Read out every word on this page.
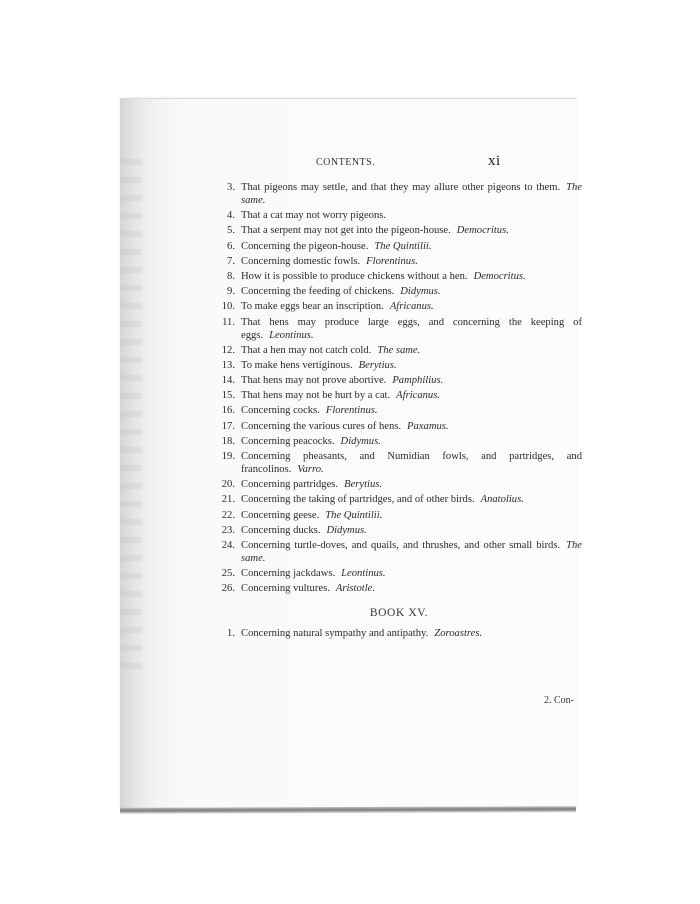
CONTENTS.	xi
3. That pigeons may settle, and that they may allure other pigeons to them. The same.
4. That a cat may not worry pigeons.
5. That a serpent may not get into the pigeon-house. Democritus.
6. Concerning the pigeon-house. The Quintilii.
7. Concerning domestic fowls. Florentinus.
8. How it is possible to produce chickens without a hen. Democritus.
9. Concerning the feeding of chickens. Didymus.
10. To make eggs bear an inscription. Africanus.
11. That hens may produce large eggs, and concerning the keeping of eggs. Leontinus.
12. That a hen may not catch cold. The same.
13. To make hens vertiginous. Berytius.
14. That hens may not prove abortive. Pamphilius.
15. That hens may not be hurt by a cat. Africanus.
16. Concerning cocks. Florentinus.
17. Concerning the various cures of hens. Paxamus.
18. Concerning peacocks. Didymus.
19. Concerning pheasants, and Numidian fowls, and partridges, and francolinos. Varro.
20. Concerning partridges. Berytius.
21. Concerning the taking of partridges, and of other birds. Anatolius.
22. Concerning geese. The Quintilii.
23. Concerning ducks. Didymus.
24. Concerning turtle-doves, and quails, and thrushes, and other small birds. The same.
25. Concerning jackdaws. Leontinus.
26. Concerning vultures. Aristotle.
BOOK XV.
1. Concerning natural sympathy and antipathy. Zoroastres.
2. Con-
